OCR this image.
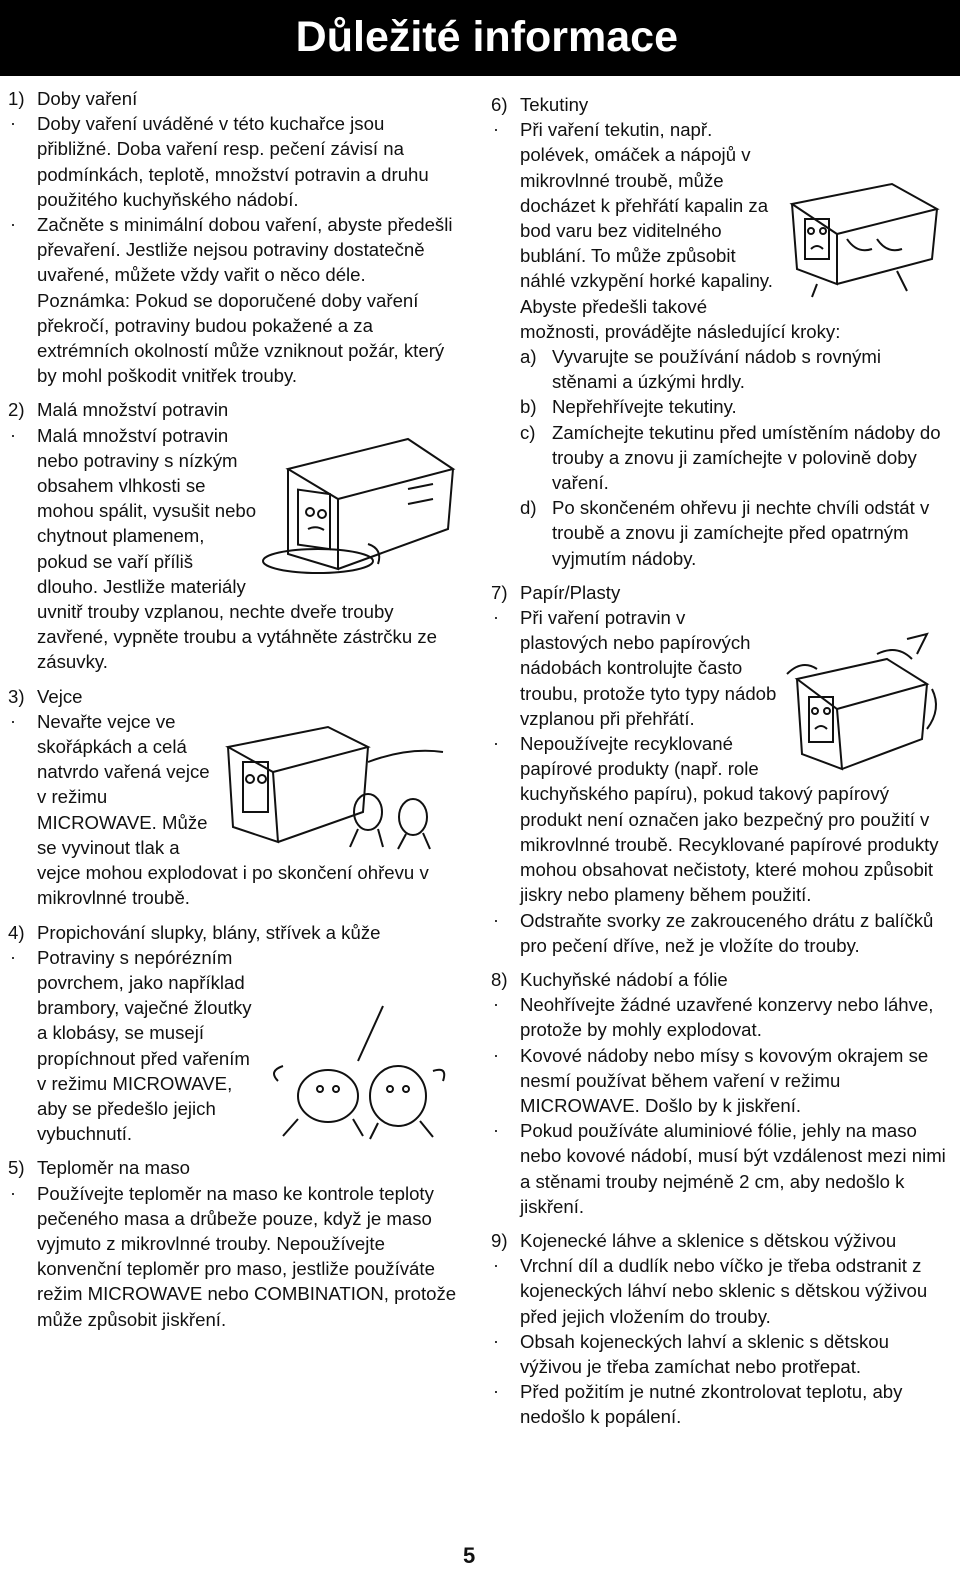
Důležité informace
1) Doby vaření
· Doby vaření uváděné v této kuchařce jsou přibližné. Doba vaření resp. pečení závisí na podmínkách, teplotě, množství potravin a druhu použitého kuchyňského nádobí.
· Začněte s minimální dobou vaření, abyste předešli převaření. Jestliže nejsou potraviny dostatečně uvařené, můžete vždy vařit o něco déle.
Poznámka: Pokud se doporučené doby vaření překročí, potraviny budou pokažené a za extrémních okolností může vzniknout požár, který by mohl poškodit vnitřek trouby.
2) Malá množství potravin
· Malá množství potravin nebo potraviny s nízkým obsahem vlhkosti se mohou spálit, vysušit nebo chytnout plamenem, pokud se vaří příliš dlouho. Jestliže materiály uvnitř trouby vzplanou, nechte dveře trouby zavřené, vypněte troubu a vytáhněte zástrčku ze zásuvky.
3) Vejce
· Nevařte vejce ve skořápkách a celá natvrdo vařená vejce v režimu MICROWAVE. Může se vyvinout tlak a vejce mohou explodovat i po skončení ohřevu v mikrovlnné troubě.
4) Propichování slupky, blány, střívek a kůže
· Potraviny s nepórézním povrchem, jako například brambory, vaječné žloutky a klobásy, se musejí propíchnout před vařením v režimu MICROWAVE, aby se předešlo jejich vybuchnutí.
5) Teploměr na maso
· Používejte teploměr na maso ke kontrole teploty pečeného masa a drůbeže pouze, když je maso vyjmuto z mikrovlnné trouby. Nepoužívejte konvenční teploměr pro maso, jestliže používáte režim MICROWAVE nebo COMBINATION, protože může způsobit jiskření.
6) Tekutiny
· Při vaření tekutin, např. polévek, omáček a nápojů v mikrovlnné troubě, může docházet k přehřátí kapalin za bod varu bez viditelného bublání. To může způsobit náhlé vzkypění horké kapaliny. Abyste předešli takové možnosti, provádějte následující kroky:
a) Vyvarujte se používání nádob s rovnými stěnami a úzkými hrdly.
b) Nepřehřívejte tekutiny.
c) Zamíchejte tekutinu před umístěním nádoby do trouby a znovu ji zamíchejte v polovině doby vaření.
d) Po skončeném ohřevu ji nechte chvíli odstát v troubě a znovu ji zamíchejte před opatrným vyjmutím nádoby.
7) Papír/Plasty
· Při vaření potravin v plastových nebo papírových nádobách kontrolujte často troubu, protože tyto typy nádob vzplanou při přehřátí.
· Nepoužívejte recyklované papírové produkty (např. role kuchyňského papíru), pokud takový papírový produkt není označen jako bezpečný pro použití v mikrovlnné troubě. Recyklované papírové produkty mohou obsahovat nečistoty, které mohou způsobit jiskry nebo plameny během použití.
· Odstraňte svorky ze zakrouceného drátu z balíčků pro pečení dříve, než je vložíte do trouby.
8) Kuchyňské nádobí a fólie
· Neohřívejte žádné uzavřené konzervy nebo láhve, protože by mohly explodovat.
· Kovové nádoby nebo mísy s kovovým okrajem se nesmí používat během vaření v režimu MICROWAVE. Došlo by k jiskření.
· Pokud používáte aluminiové fólie, jehly na maso nebo kovové nádobí, musí být vzdálenost mezi nimi a stěnami trouby nejméně 2 cm, aby nedošlo k jiskření.
9) Kojenecké láhve a sklenice s dětskou výživou
· Vrchní díl a dudlík nebo víčko je třeba odstranit z kojeneckých láhví nebo sklenic s dětskou výživou před jejich vložením do trouby.
· Obsah kojeneckých lahví a sklenic s dětskou výživou je třeba zamíchat nebo protřepat.
· Před požitím je nutné zkontrolovat teplotu, aby nedošlo k popálení.
5
